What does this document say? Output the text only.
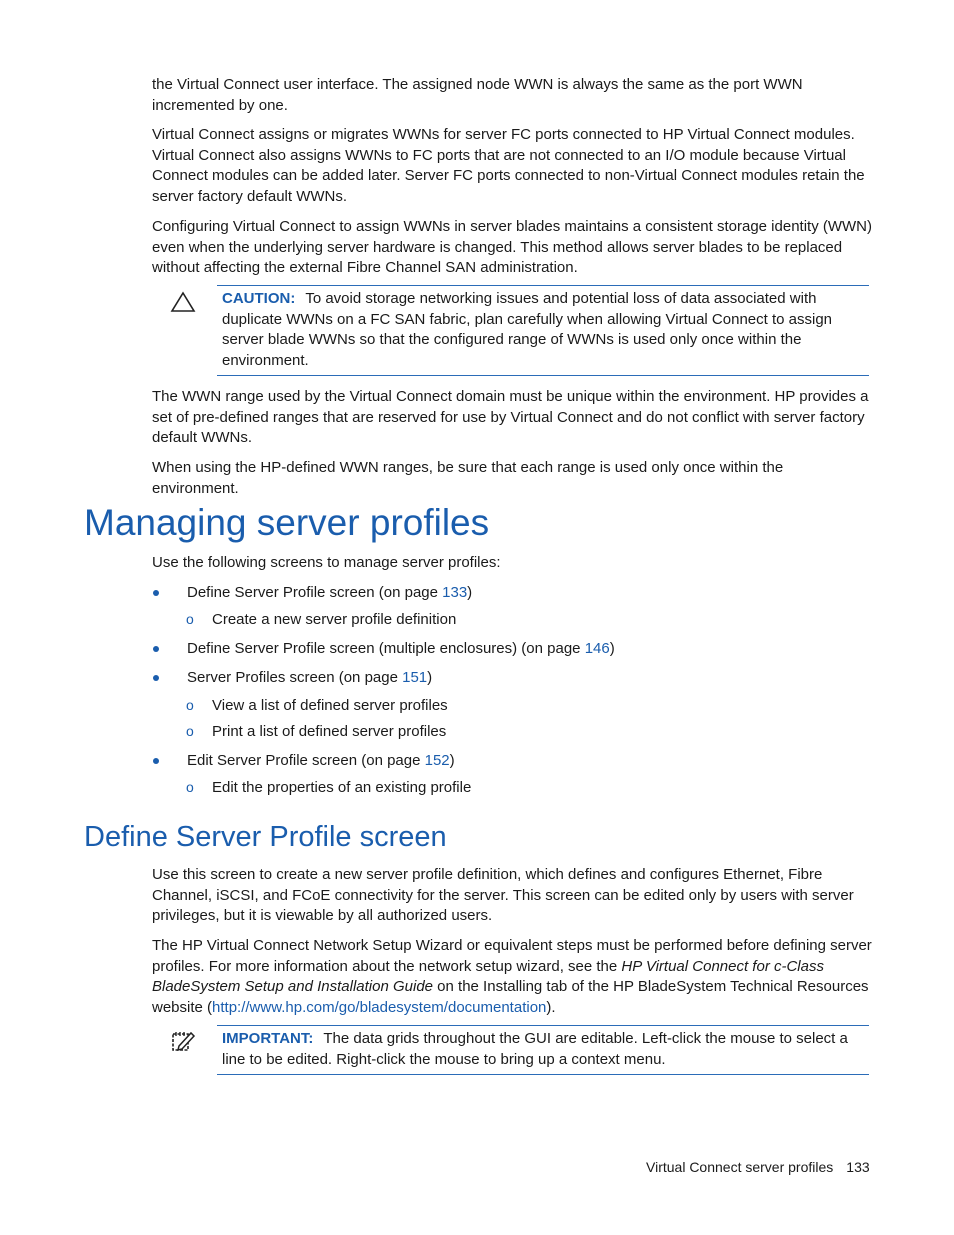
the Virtual Connect user interface. The assigned node WWN is always the same as the port WWN incremented by one.

Virtual Connect assigns or migrates WWNs for server FC ports connected to HP Virtual Connect modules. Virtual Connect also assigns WWNs to FC ports that are not connected to an I/O module because Virtual Connect modules can be added later. Server FC ports connected to non-Virtual Connect modules retain the server factory default WWNs.

Configuring Virtual Connect to assign WWNs in server blades maintains a consistent storage identity (WWN) even when the underlying server hardware is changed. This method allows server blades to be replaced without affecting the external Fibre Channel SAN administration.

CAUTION: To avoid storage networking issues and potential loss of data associated with duplicate WWNs on a FC SAN fabric, plan carefully when allowing Virtual Connect to assign server blade WWNs so that the configured range of WWNs is used only once within the environment.

The WWN range used by the Virtual Connect domain must be unique within the environment. HP provides a set of pre-defined ranges that are reserved for use by Virtual Connect and do not conflict with server factory default WWNs.

When using the HP-defined WWN ranges, be sure that each range is used only once within the environment.

Managing server profiles

Use the following screens to manage server profiles:

Define Server Profile screen (on page 133)
o Create a new server profile definition
Define Server Profile screen (multiple enclosures) (on page 146)
Server Profiles screen (on page 151)
o View a list of defined server profiles
o Print a list of defined server profiles
Edit Server Profile screen (on page 152)
o Edit the properties of an existing profile
Define Server Profile screen

Use this screen to create a new server profile definition, which defines and configures Ethernet, Fibre Channel, iSCSI, and FCoE connectivity for the server. This screen can be edited only by users with server privileges, but it is viewable by all authorized users.

The HP Virtual Connect Network Setup Wizard or equivalent steps must be performed before defining server profiles. For more information about the network setup wizard, see the HP Virtual Connect for c-Class BladeSystem Setup and Installation Guide on the Installing tab of the HP BladeSystem Technical Resources website (http://www.hp.com/go/bladesystem/documentation).

IMPORTANT: The data grids throughout the GUI are editable. Left-click the mouse to select a line to be edited. Right-click the mouse to bring up a context menu.
Virtual Connect server profiles 133
